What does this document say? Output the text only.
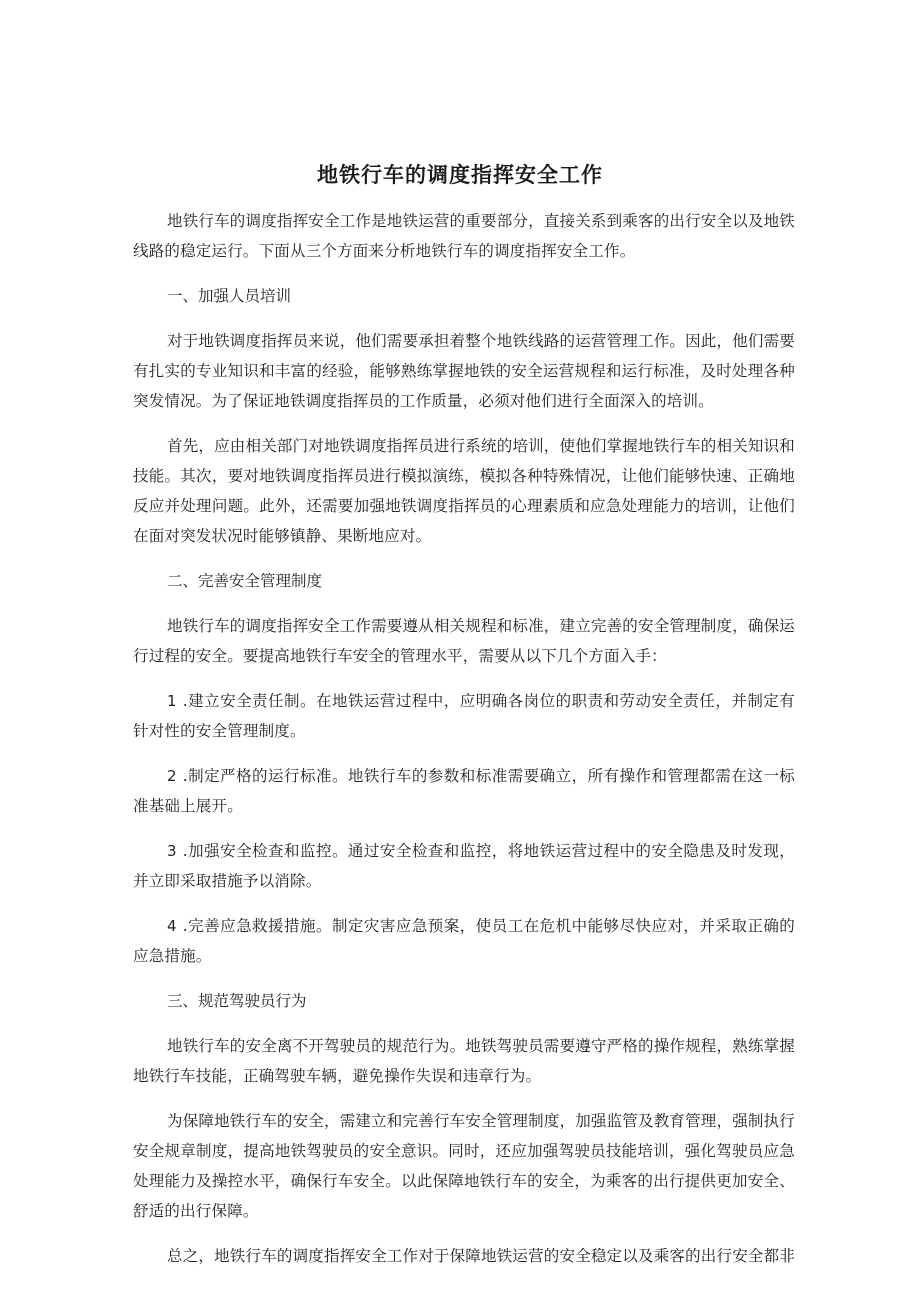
地铁行车的调度指挥安全工作

地铁行车的调度指挥安全工作是地铁运营的重要部分，直接关系到乘客的出行安全以及地铁线路的稳定运行。下面从三个方面来分析地铁行车的调度指挥安全工作。

一、加强人员培训

对于地铁调度指挥员来说，他们需要承担着整个地铁线路的运营管理工作。因此，他们需要有扎实的专业知识和丰富的经验，能够熟练掌握地铁的安全运营规程和运行标准，及时处理各种突发情况。为了保证地铁调度指挥员的工作质量，必须对他们进行全面深入的培训。

首先，应由相关部门对地铁调度指挥员进行系统的培训，使他们掌握地铁行车的相关知识和技能。其次，要对地铁调度指挥员进行模拟演练，模拟各种特殊情况，让他们能够快速、正确地反应并处理问题。此外，还需要加强地铁调度指挥员的心理素质和应急处理能力的培训，让他们在面对突发状况时能够镇静、果断地应对。

二、完善安全管理制度

地铁行车的调度指挥安全工作需要遵从相关规程和标准，建立完善的安全管理制度，确保运行过程的安全。要提高地铁行车安全的管理水平，需要从以下几个方面入手：

1 .建立安全责任制。在地铁运营过程中，应明确各岗位的职责和劳动安全责任，并制定有针对性的安全管理制度。

2 .制定严格的运行标准。地铁行车的参数和标准需要确立，所有操作和管理都需在这一标准基础上展开。

3 .加强安全检查和监控。通过安全检查和监控，将地铁运营过程中的安全隐患及时发现，并立即采取措施予以消除。

4 .完善应急救援措施。制定灾害应急预案，使员工在危机中能够尽快应对，并采取正确的应急措施。

三、规范驾驶员行为

地铁行车的安全离不开驾驶员的规范行为。地铁驾驶员需要遵守严格的操作规程，熟练掌握地铁行车技能，正确驾驶车辆，避免操作失误和违章行为。

为保障地铁行车的安全，需建立和完善行车安全管理制度，加强监管及教育管理，强制执行安全规章制度，提高地铁驾驶员的安全意识。同时，还应加强驾驶员技能培训，强化驾驶员应急处理能力及操控水平，确保行车安全。以此保障地铁行车的安全，为乘客的出行提供更加安全、舒适的出行保障。

总之，地铁行车的调度指挥安全工作对于保障地铁运营的安全稳定以及乘客的出行安全都非
